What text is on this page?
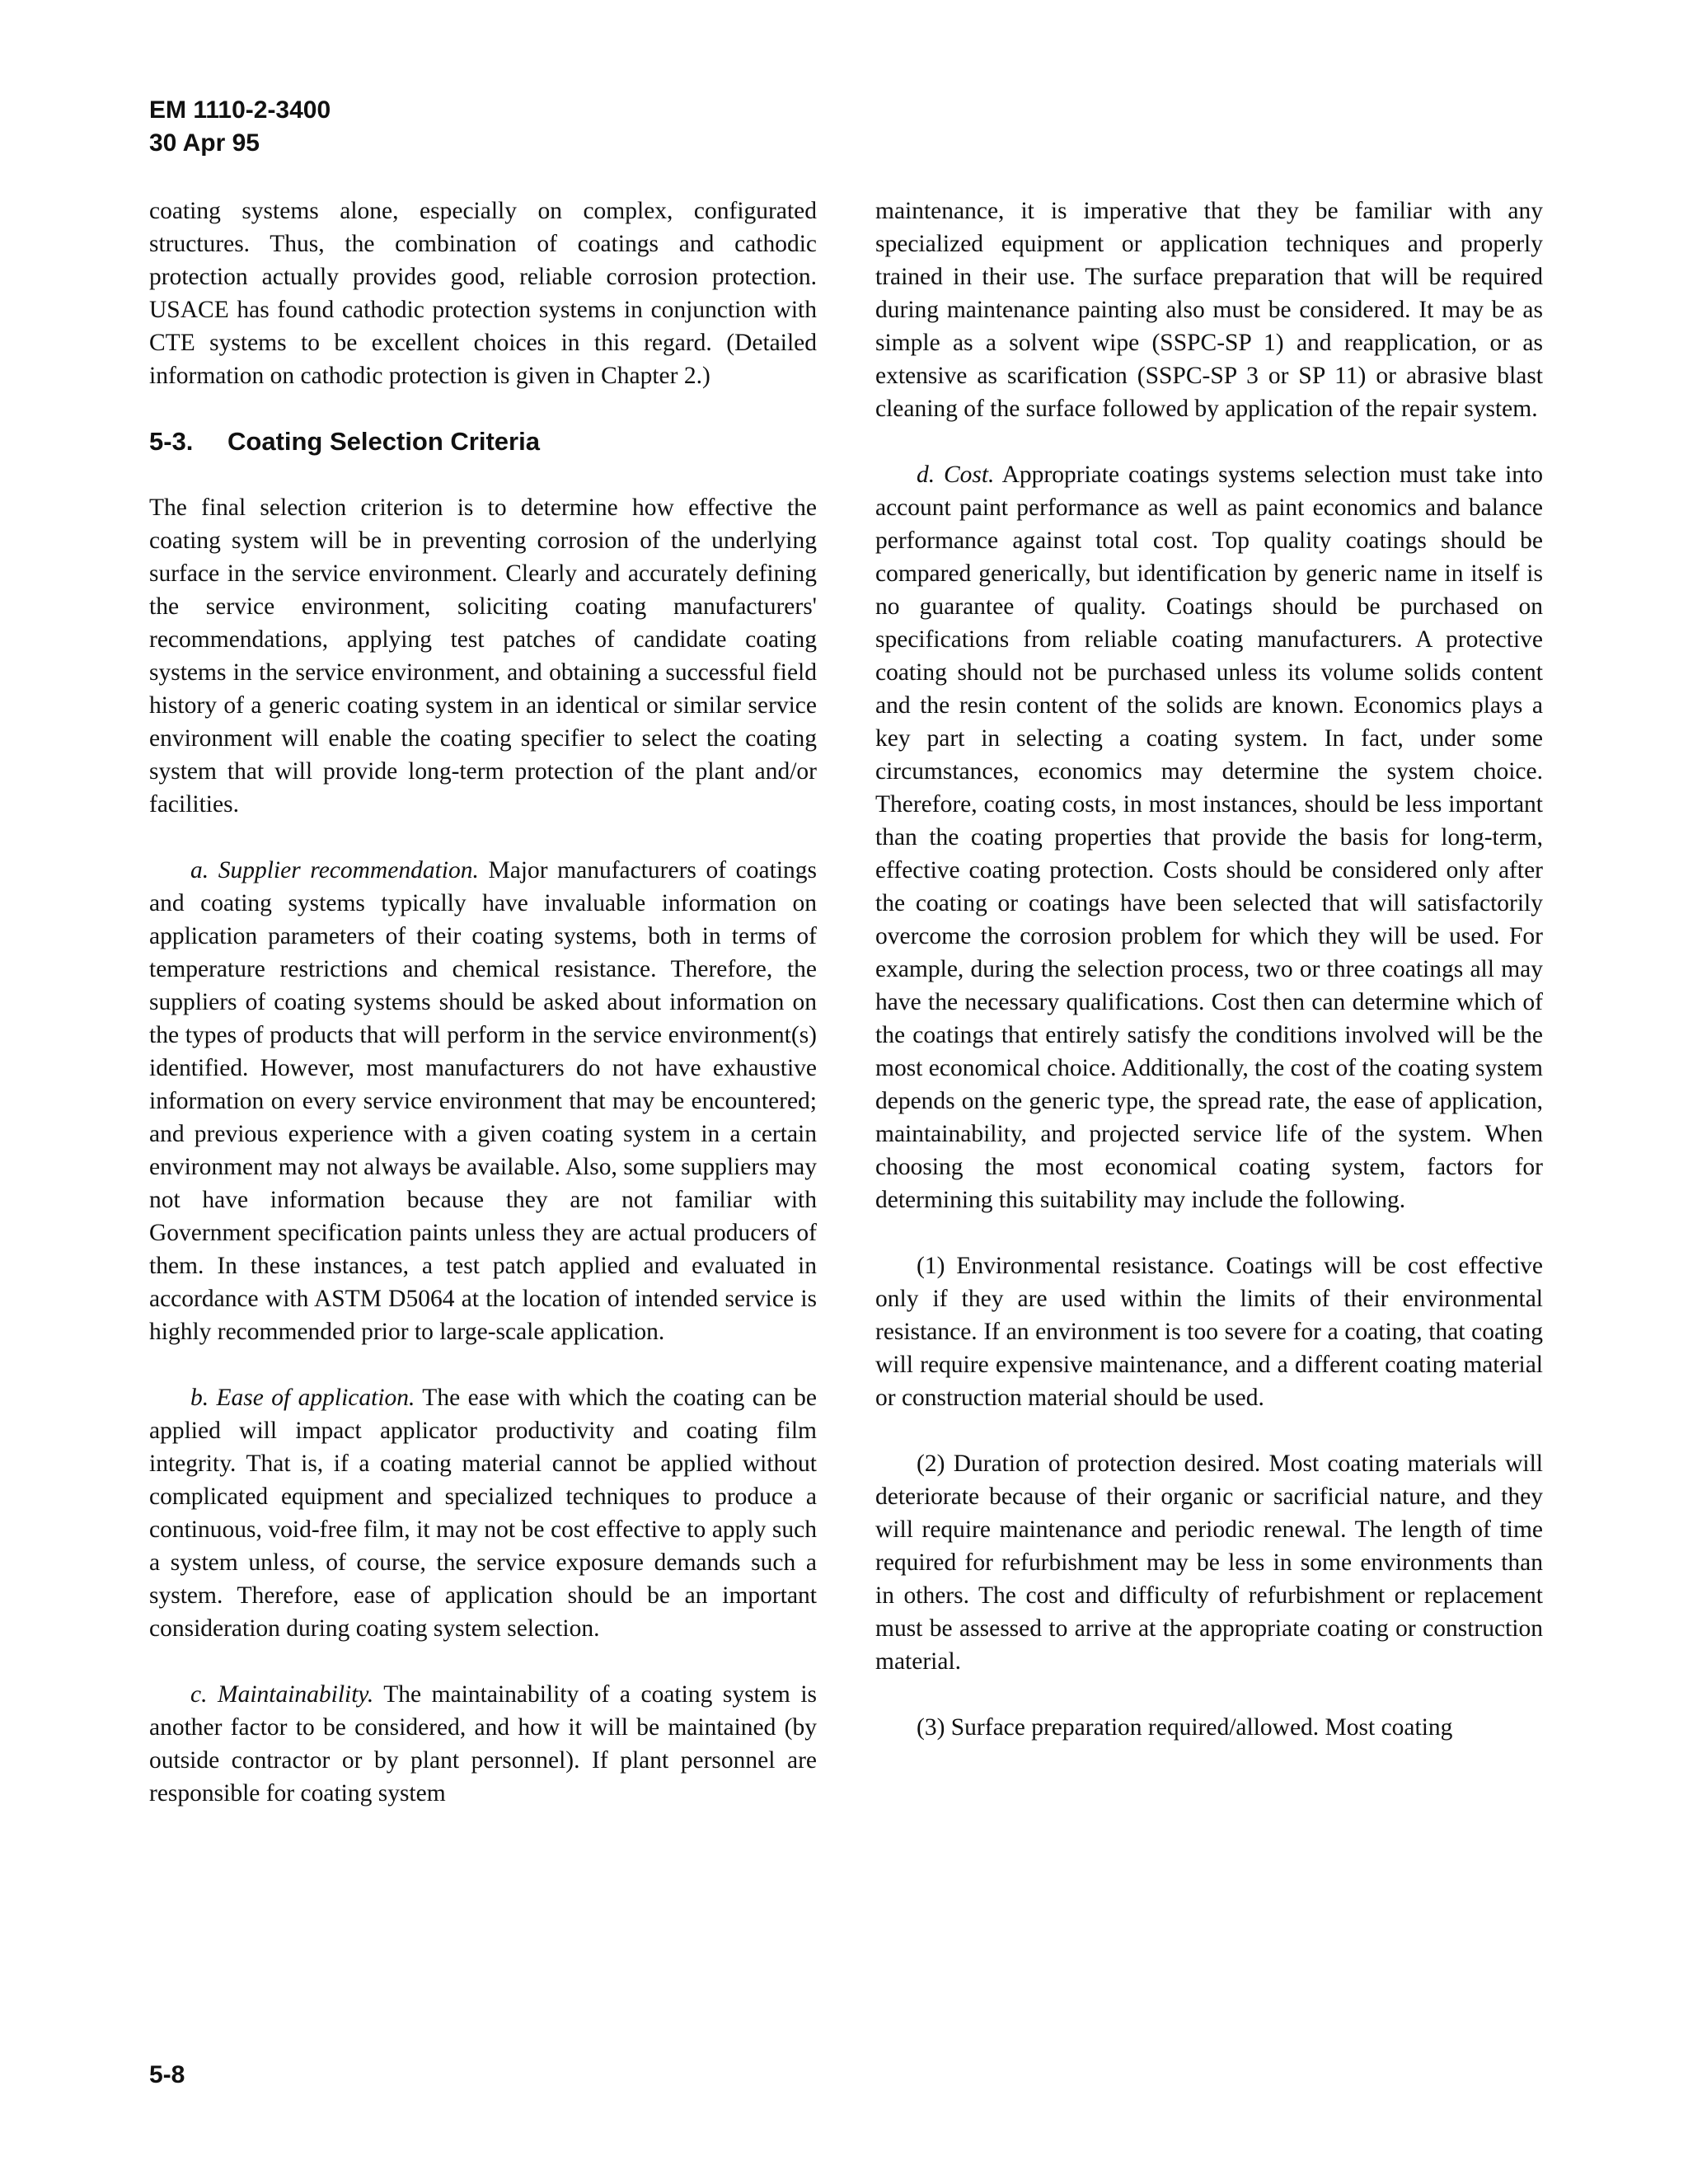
EM 1110-2-3400
30 Apr 95

coating systems alone, especially on complex, configurated structures. Thus, the combination of coatings and cathodic protection actually provides good, reliable corrosion protection. USACE has found cathodic protection systems in conjunction with CTE systems to be excellent choices in this regard. (Detailed information on cathodic protection is given in Chapter 2.)

5-3. Coating Selection Criteria

The final selection criterion is to determine how effective the coating system will be in preventing corrosion of the underlying surface in the service environment. Clearly and accurately defining the service environment, soliciting coating manufacturers' recommendations, applying test patches of candidate coating systems in the service environment, and obtaining a successful field history of a generic coating system in an identical or similar service environment will enable the coating specifier to select the coating system that will provide long-term protection of the plant and/or facilities.

a. Supplier recommendation. Major manufacturers of coatings and coating systems typically have invaluable information on application parameters of their coating systems, both in terms of temperature restrictions and chemical resistance. Therefore, the suppliers of coating systems should be asked about information on the types of products that will perform in the service environment(s) identified. However, most manufacturers do not have exhaustive information on every service environment that may be encountered; and previous experience with a given coating system in a certain environment may not always be available. Also, some suppliers may not have information because they are not familiar with Government specification paints unless they are actual producers of them. In these instances, a test patch applied and evaluated in accordance with ASTM D5064 at the location of intended service is highly recommended prior to large-scale application.

b. Ease of application. The ease with which the coating can be applied will impact applicator productivity and coating film integrity. That is, if a coating material cannot be applied without complicated equipment and specialized techniques to produce a continuous, void-free film, it may not be cost effective to apply such a system unless, of course, the service exposure demands such a system. Therefore, ease of application should be an important consideration during coating system selection.

c. Maintainability. The maintainability of a coating system is another factor to be considered, and how it will be maintained (by outside contractor or by plant personnel). If plant personnel are responsible for coating system

maintenance, it is imperative that they be familiar with any specialized equipment or application techniques and properly trained in their use. The surface preparation that will be required during maintenance painting also must be considered. It may be as simple as a solvent wipe (SSPC-SP 1) and reapplication, or as extensive as scarification (SSPC-SP 3 or SP 11) or abrasive blast cleaning of the surface followed by application of the repair system.

d. Cost. Appropriate coatings systems selection must take into account paint performance as well as paint economics and balance performance against total cost. Top quality coatings should be compared generically, but identification by generic name in itself is no guarantee of quality. Coatings should be purchased on specifications from reliable coating manufacturers. A protective coating should not be purchased unless its volume solids content and the resin content of the solids are known. Economics plays a key part in selecting a coating system. In fact, under some circumstances, economics may determine the system choice. Therefore, coating costs, in most instances, should be less important than the coating properties that provide the basis for long-term, effective coating protection. Costs should be considered only after the coating or coatings have been selected that will satisfactorily overcome the corrosion problem for which they will be used. For example, during the selection process, two or three coatings all may have the necessary qualifications. Cost then can determine which of the coatings that entirely satisfy the conditions involved will be the most economical choice. Additionally, the cost of the coating system depends on the generic type, the spread rate, the ease of application, maintainability, and projected service life of the system. When choosing the most economical coating system, factors for determining this suitability may include the following.

(1) Environmental resistance. Coatings will be cost effective only if they are used within the limits of their environmental resistance. If an environment is too severe for a coating, that coating will require expensive maintenance, and a different coating material or construction material should be used.

(2) Duration of protection desired. Most coating materials will deteriorate because of their organic or sacrificial nature, and they will require maintenance and periodic renewal. The length of time required for refurbishment may be less in some environments than in others. The cost and difficulty of refurbishment or replacement must be assessed to arrive at the appropriate coating or construction material.

(3) Surface preparation required/allowed. Most coating

5-8
